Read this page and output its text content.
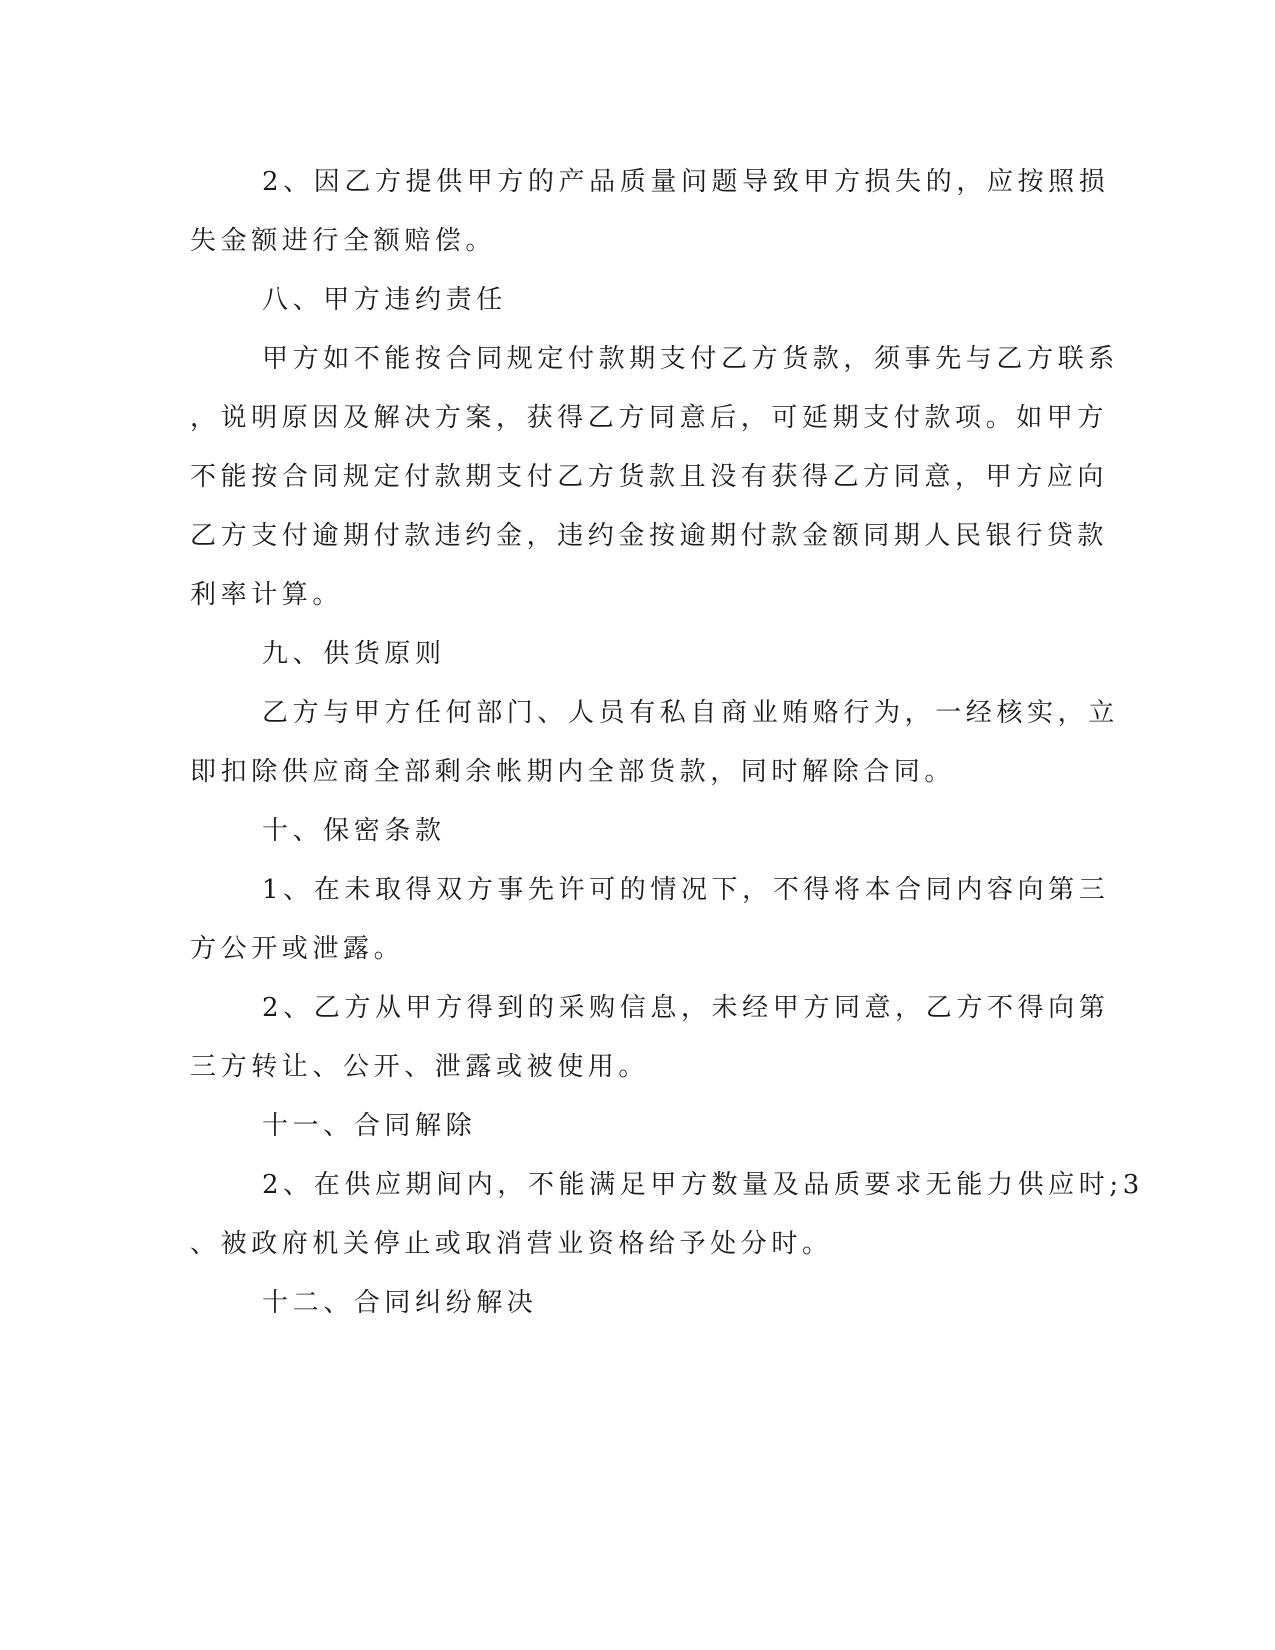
2、因乙方提供甲方的产品质量问题导致甲方损失的，应按照损

失金额进行全额赔偿。

八、甲方违约责任

甲方如不能按合同规定付款期支付乙方货款，须事先与乙方联系

，说明原因及解决方案，获得乙方同意后，可延期支付款项。如甲方

不能按合同规定付款期支付乙方货款且没有获得乙方同意，甲方应向

乙方支付逾期付款违约金，违约金按逾期付款金额同期人民银行贷款

利率计算。

九、供货原则

乙方与甲方任何部门、人员有私自商业贿赂行为，一经核实，立

即扣除供应商全部剩余帐期内全部货款，同时解除合同。

十、保密条款

1、在未取得双方事先许可的情况下，不得将本合同内容向第三

方公开或泄露。

2、乙方从甲方得到的采购信息，未经甲方同意，乙方不得向第

三方转让、公开、泄露或被使用。

十一、合同解除

2、在供应期间内，不能满足甲方数量及品质要求无能力供应时;3

、被政府机关停止或取消营业资格给予处分时。

十二、合同纠纷解决
